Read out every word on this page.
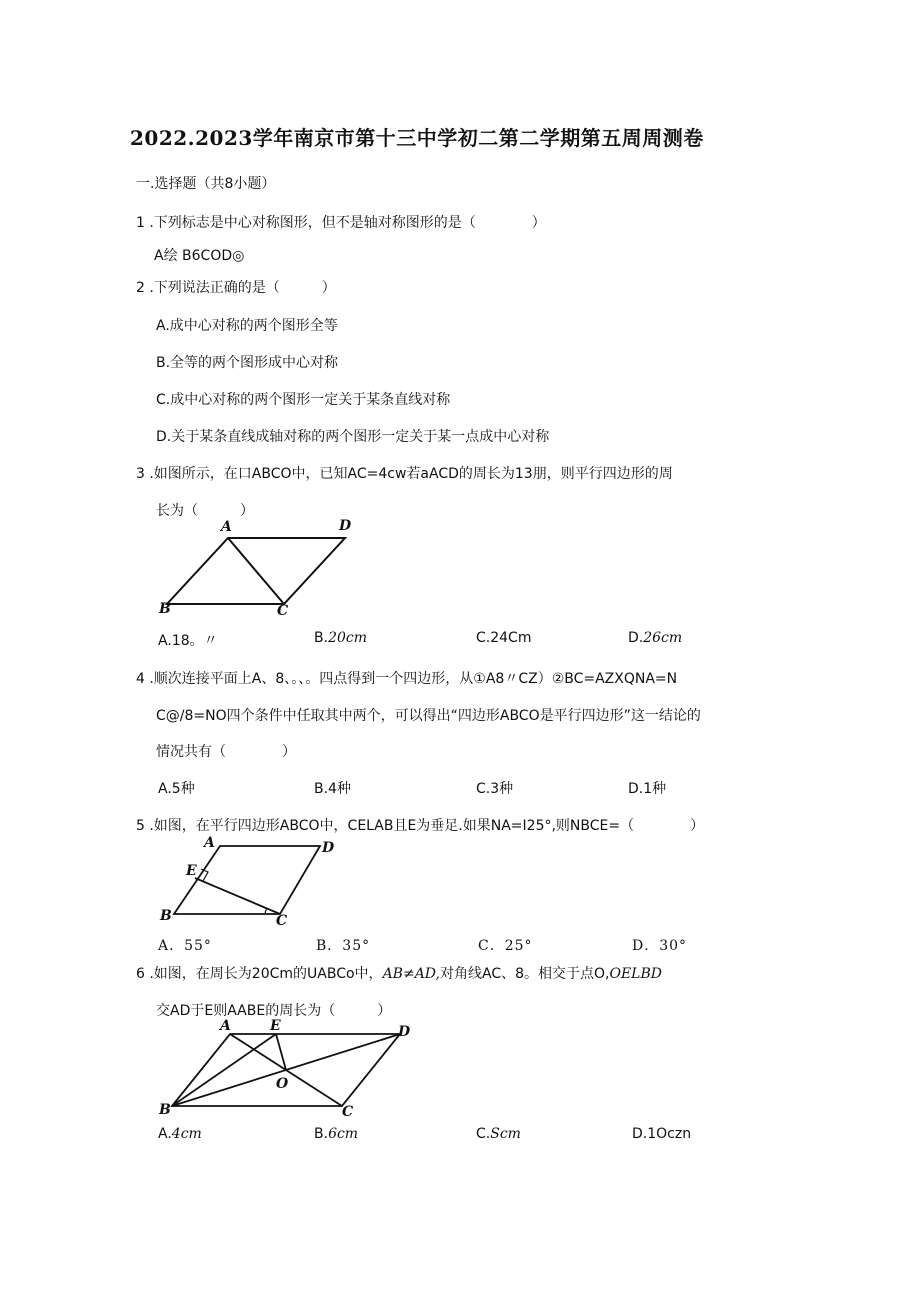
2022.2023学年南京市第十三中学初二第二学期第五周周测卷
一.选择题（共8小题）
1 .下列标志是中心对称图形，但不是轴对称图形的是（　　　　）
A绘 B6COD◎
2 .下列说法正确的是（　　　）
A.成中心对称的两个图形全等
B.全等的两个图形成中心对称
C.成中心对称的两个图形一定关于某条直线对称
D.关于某条直线成轴对称的两个图形一定关于某一点成中心对称
3 .如图所示，在口ABCO中，已知AC=4cw若aACD的周长为13朋，则平行四边形的周
长为（　　　）
A	D
B	C
A.18。〃	B.20cm	C.24Cm	D.26cm
4 .顺次连接平面上A、8、。、。四点得到一个四边形，从①A8〃CZ）②BC=AZXQNA=N
C@/8=NO四个条件中任取其中两个，可以得出“四边形ABCO是平行四边形”这一结论的
情况共有（　　　　）
A.5种	B.4种	C.3种	D.1种
5 .如图，在平行四边形ABCO中，CELAB且E为垂足.如果NA=I25°,则NBCE=（　　　　）
A	D
E
B	C
A．55°	B．35°	C．25°	D．30°
6 .如图，在周长为20Cm的UABCo中，AB≠AD,对角线AC、8。相交于点O,OELBD
交AD于E则AABE的周长为（　　　）
A	E	D
O
B	C
A.4cm	B.6cm	C.Scm	D.1Oczn
